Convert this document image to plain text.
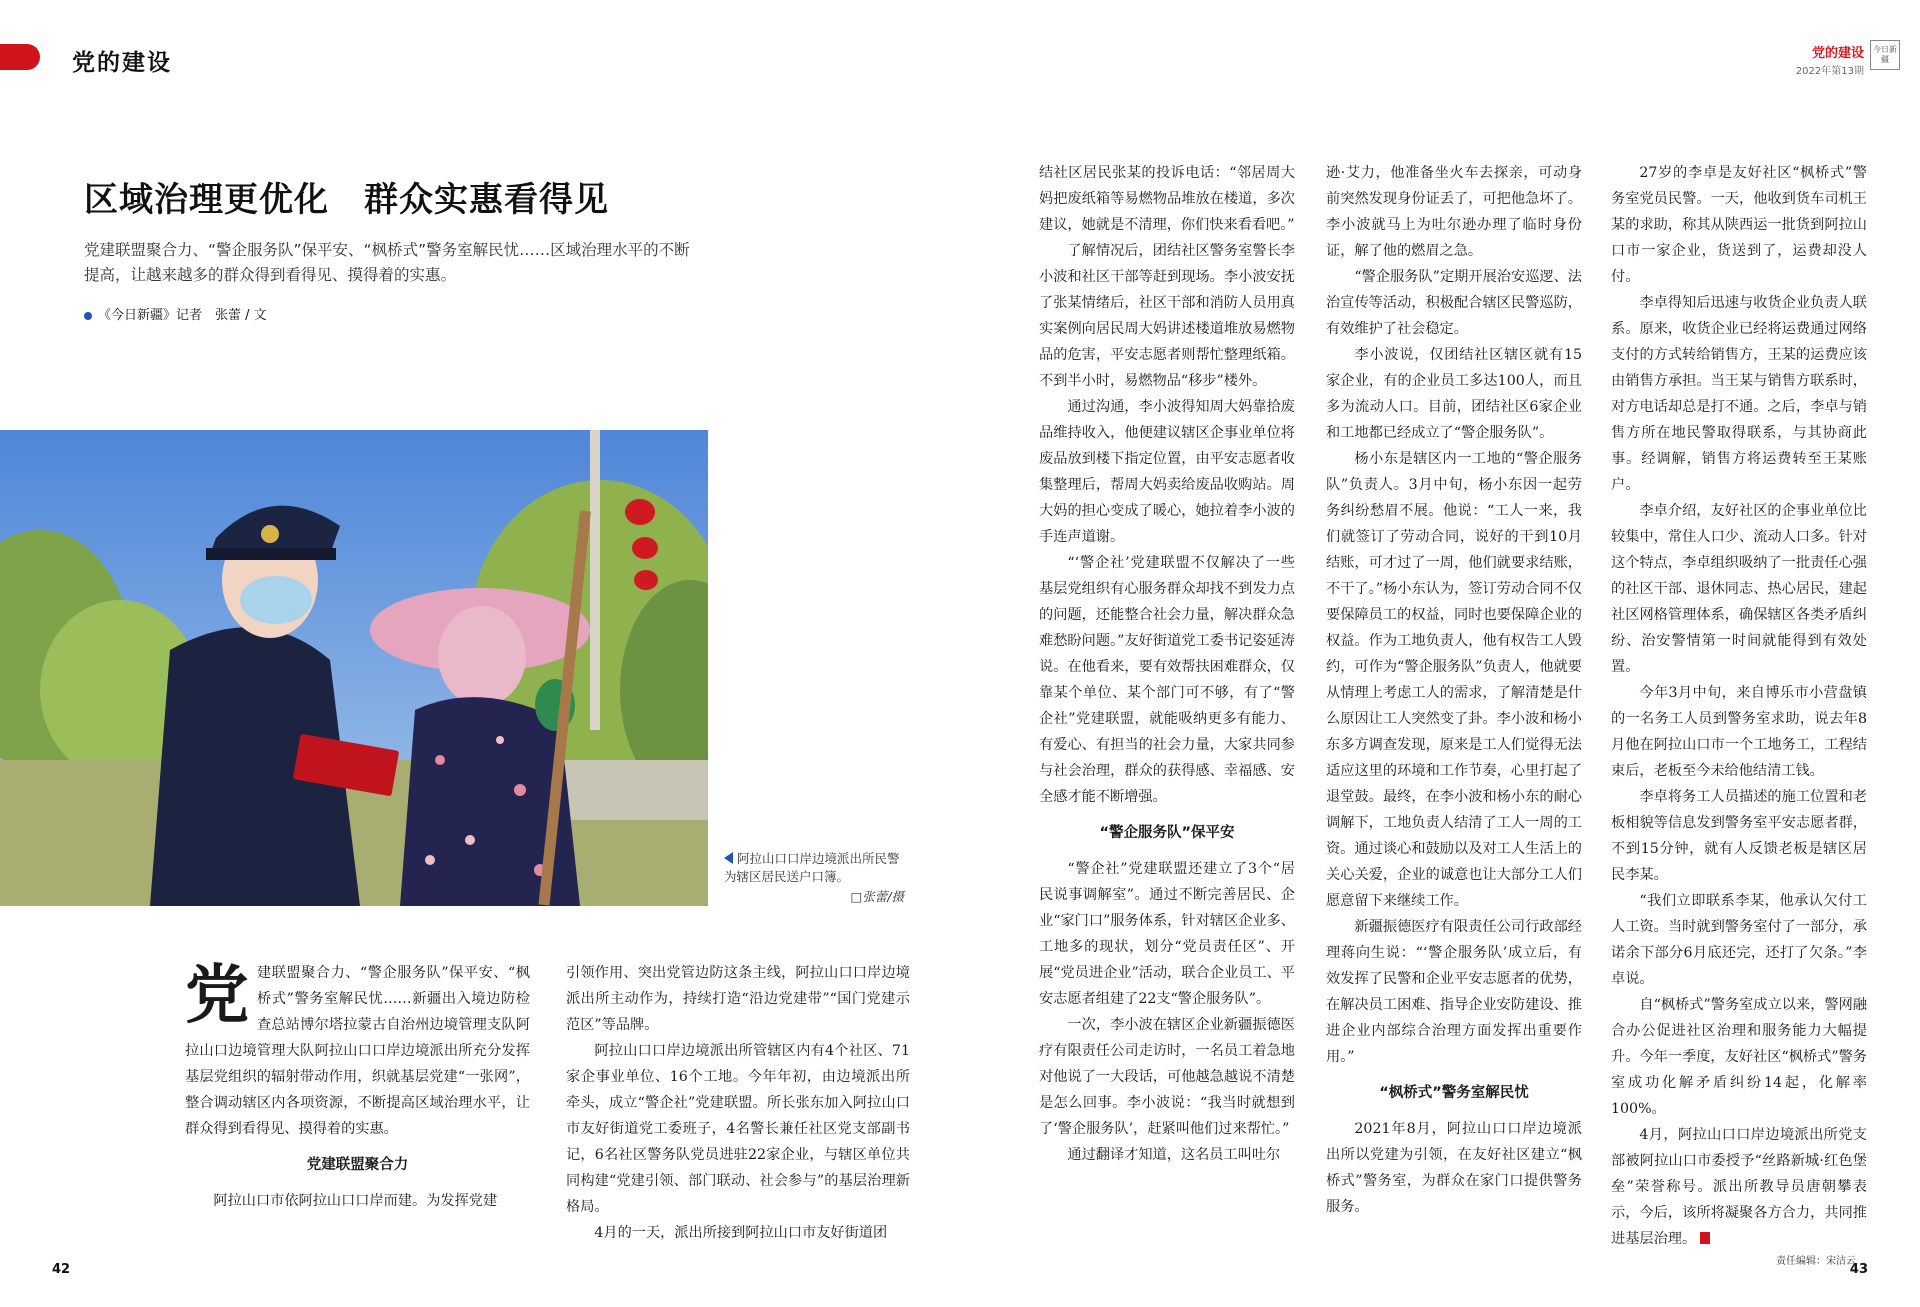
党的建设	党的建设
2022年第13期
今日新疆
区域治理更优化　群众实惠看得见
党建联盟聚合力、“警企服务队”保平安、“枫桥式”警务室解民忧……区域治理水平的不断提高，让越来越多的群众得到看得见、摸得着的实惠。
《今日新疆》记者　张蕾 / 文
阿拉山口口岸边境派出所民警为辖区居民送户口簿。
□张蕾/摄
党 建联盟聚合力、“警企服务队”保平安、“枫桥式”警务室解民忧……新疆出入境边防检查总站博尔塔拉蒙古自治州边境管理支队阿拉山口边境管理大队阿拉山口口岸边境派出所充分发挥基层党组织的辐射带动作用，织就基层党建“一张网”，整合调动辖区内各项资源，不断提高区域治理水平，让群众得到看得见、摸得着的实惠。

党建联盟聚合力

阿拉山口市依阿拉山口口岸而建。为发挥党建

引领作用、突出党管边防这条主线，阿拉山口口岸边境派出所主动作为，持续打造“沿边党建带”“国门党建示范区”等品牌。

阿拉山口口岸边境派出所管辖区内有4个社区、71家企事业单位、16个工地。今年年初，由边境派出所牵头，成立“警企社”党建联盟。所长张东加入阿拉山口市友好街道党工委班子，4名警长兼任社区党支部副书记，6名社区警务队党员进驻22家企业，与辖区单位共同构建“党建引领、部门联动、社会参与”的基层治理新格局。

4月的一天，派出所接到阿拉山口市友好街道团

结社区居民张某的投诉电话：“邻居周大妈把废纸箱等易燃物品堆放在楼道，多次建议，她就是不清理，你们快来看看吧。”

了解情况后，团结社区警务室警长李小波和社区干部等赶到现场。李小波安抚了张某情绪后，社区干部和消防人员用真实案例向居民周大妈讲述楼道堆放易燃物品的危害，平安志愿者则帮忙整理纸箱。不到半小时，易燃物品“移步”楼外。

通过沟通，李小波得知周大妈靠拾废品维持收入，他便建议辖区企事业单位将废品放到楼下指定位置，由平安志愿者收集整理后，帮周大妈卖给废品收购站。周大妈的担心变成了暖心，她拉着李小波的手连声道谢。

“‘警企社’党建联盟不仅解决了一些基层党组织有心服务群众却找不到发力点的问题，还能整合社会力量，解决群众急难愁盼问题。”友好街道党工委书记姿延涛说。在他看来，要有效帮扶困难群众，仅靠某个单位、某个部门可不够，有了“警企社”党建联盟，就能吸纳更多有能力、有爱心、有担当的社会力量，大家共同参与社会治理，群众的获得感、幸福感、安全感才能不断增强。

“警企服务队”保平安

“警企社”党建联盟还建立了3个“居民说事调解室”。通过不断完善居民、企业“家门口”服务体系，针对辖区企业多、工地多的现状，划分“党员责任区”、开展“党员进企业”活动，联合企业员工、平安志愿者组建了22支“警企服务队”。

一次，李小波在辖区企业新疆振德医疗有限责任公司走访时，一名员工着急地对他说了一大段话，可他越急越说不清楚是怎么回事。李小波说：“我当时就想到了‘警企服务队’，赶紧叫他们过来帮忙。”

通过翻译才知道，这名员工叫吐尔

逊·艾力，他准备坐火车去探亲，可动身前突然发现身份证丢了，可把他急坏了。李小波就马上为吐尔逊办理了临时身份证，解了他的燃眉之急。

“警企服务队”定期开展治安巡逻、法治宣传等活动，积极配合辖区民警巡防，有效维护了社会稳定。

李小波说，仅团结社区辖区就有15家企业，有的企业员工多达100人，而且多为流动人口。目前，团结社区6家企业和工地都已经成立了“警企服务队”。

杨小东是辖区内一工地的“警企服务队”负责人。3月中旬，杨小东因一起劳务纠纷愁眉不展。他说：“工人一来，我们就签订了劳动合同，说好的干到10月结账，可才过了一周，他们就要求结账，不干了。”杨小东认为，签订劳动合同不仅要保障员工的权益，同时也要保障企业的权益。作为工地负责人，他有权告工人毁约，可作为“警企服务队”负责人，他就要从情理上考虑工人的需求，了解清楚是什么原因让工人突然变了卦。李小波和杨小东多方调查发现，原来是工人们觉得无法适应这里的环境和工作节奏，心里打起了退堂鼓。最终，在李小波和杨小东的耐心调解下，工地负责人结清了工人一周的工资。通过谈心和鼓励以及对工人生活上的关心关爱，企业的诚意也让大部分工人们愿意留下来继续工作。

新疆振德医疗有限责任公司行政部经理蒋向生说：“‘警企服务队’成立后，有效发挥了民警和企业平安志愿者的优势，在解决员工困难、指导企业安防建设、推进企业内部综合治理方面发挥出重要作用。”

“枫桥式”警务室解民忧

2021年8月，阿拉山口口岸边境派出所以党建为引领，在友好社区建立“枫桥式”警务室，为群众在家门口提供警务服务。

27岁的李卓是友好社区“枫桥式”警务室党员民警。一天，他收到货车司机王某的求助，称其从陕西运一批货到阿拉山口市一家企业，货送到了，运费却没人付。

李卓得知后迅速与收货企业负责人联系。原来，收货企业已经将运费通过网络支付的方式转给销售方，王某的运费应该由销售方承担。当王某与销售方联系时，对方电话却总是打不通。之后，李卓与销售方所在地民警取得联系，与其协商此事。经调解，销售方将运费转至王某账户。

李卓介绍，友好社区的企事业单位比较集中，常住人口少、流动人口多。针对这个特点，李卓组织吸纳了一批责任心强的社区干部、退休同志、热心居民，建起社区网格管理体系，确保辖区各类矛盾纠纷、治安警情第一时间就能得到有效处置。

今年3月中旬，来自博乐市小营盘镇的一名务工人员到警务室求助，说去年8月他在阿拉山口市一个工地务工，工程结束后，老板至今未给他结清工钱。

李卓将务工人员描述的施工位置和老板相貌等信息发到警务室平安志愿者群，不到15分钟，就有人反馈老板是辖区居民李某。

“我们立即联系李某，他承认欠付工人工资。当时就到警务室付了一部分，承诺余下部分6月底还完，还打了欠条。”李卓说。

自“枫桥式”警务室成立以来，警网融合办公促进社区治理和服务能力大幅提升。今年一季度，友好社区“枫桥式”警务室成功化解矛盾纠纷14起，化解率100%。

4月，阿拉山口口岸边境派出所党支部被阿拉山口市委授予“丝路新城·红色堡垒”荣誉称号。派出所教导员唐朝攀表示，今后，该所将凝聚各方合力，共同推进基层治理。

42	43
责任编辑：宋洁云
